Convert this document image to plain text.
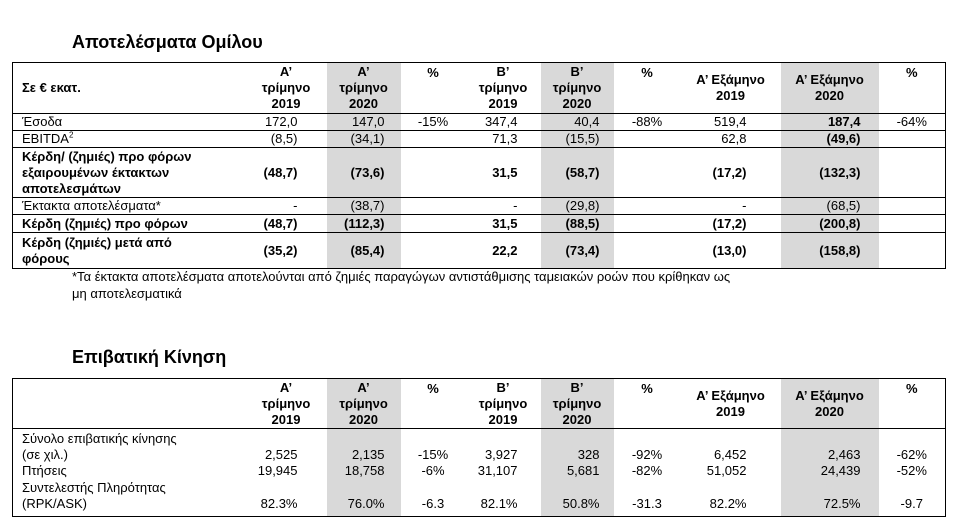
Αποτελέσματα Ομίλου
Σε € εκατ.	Α’
τρίμηνο
2019	Α’
τρίμηνο
2020	%	Β’
τρίμηνο
2019	Β’
τρίμηνο
2020	%	Α’ Εξάμηνο
2019	Α’ Εξάμηνο
2020	%
Έσοδα	172,0	147,0	-15%	347,4	40,4	-88%	519,4	187,4	-64%
EBITDA$^2$	(8,5)	(34,1)		71,3	(15,5)		62,8	(49,6)	
Κέρδη/ (ζημιές) προ φόρων
εξαιρουμένων έκτακτων
αποτελεσμάτων	(48,7)	(73,6)		31,5	(58,7)		(17,2)	(132,3)	
Έκτακτα αποτελέσματα*	-	(38,7)		-	(29,8)		-	(68,5)	
Κέρδη (ζημιές) προ φόρων	(48,7)	(112,3)		31,5	(88,5)		(17,2)	(200,8)	
Κέρδη (ζημιές) μετά από
φόρους	(35,2)	(85,4)		22,2	(73,4)		(13,0)	(158,8)	
*Τα έκτακτα αποτελέσματα αποτελούνται από ζημιές παραγώγων αντιστάθμισης ταμειακών ροών που κρίθηκαν ως
μη αποτελεσματικά
Επιβατική Κίνηση
	Α’
τρίμηνο
2019	Α’
τρίμηνο
2020	%	Β’
τρίμηνο
2019	Β’
τρίμηνο
2020	%	Α’ Εξάμηνο
2019	Α’ Εξάμηνο
2020	%
Σύνολο επιβατικής κίνησης
(σε χιλ.)	2,525	2,135	-15%	3,927	328	-92%	6,452	2,463	-62%
Πτήσεις	19,945	18,758	-6%	31,107	5,681	-82%	51,052	24,439	-52%
Συντελεστής Πληρότητας
(RPK/ASK)	82.3%	76.0%	-6.3	82.1%	50.8%	-31.3	82.2%	72.5%	-9.7
